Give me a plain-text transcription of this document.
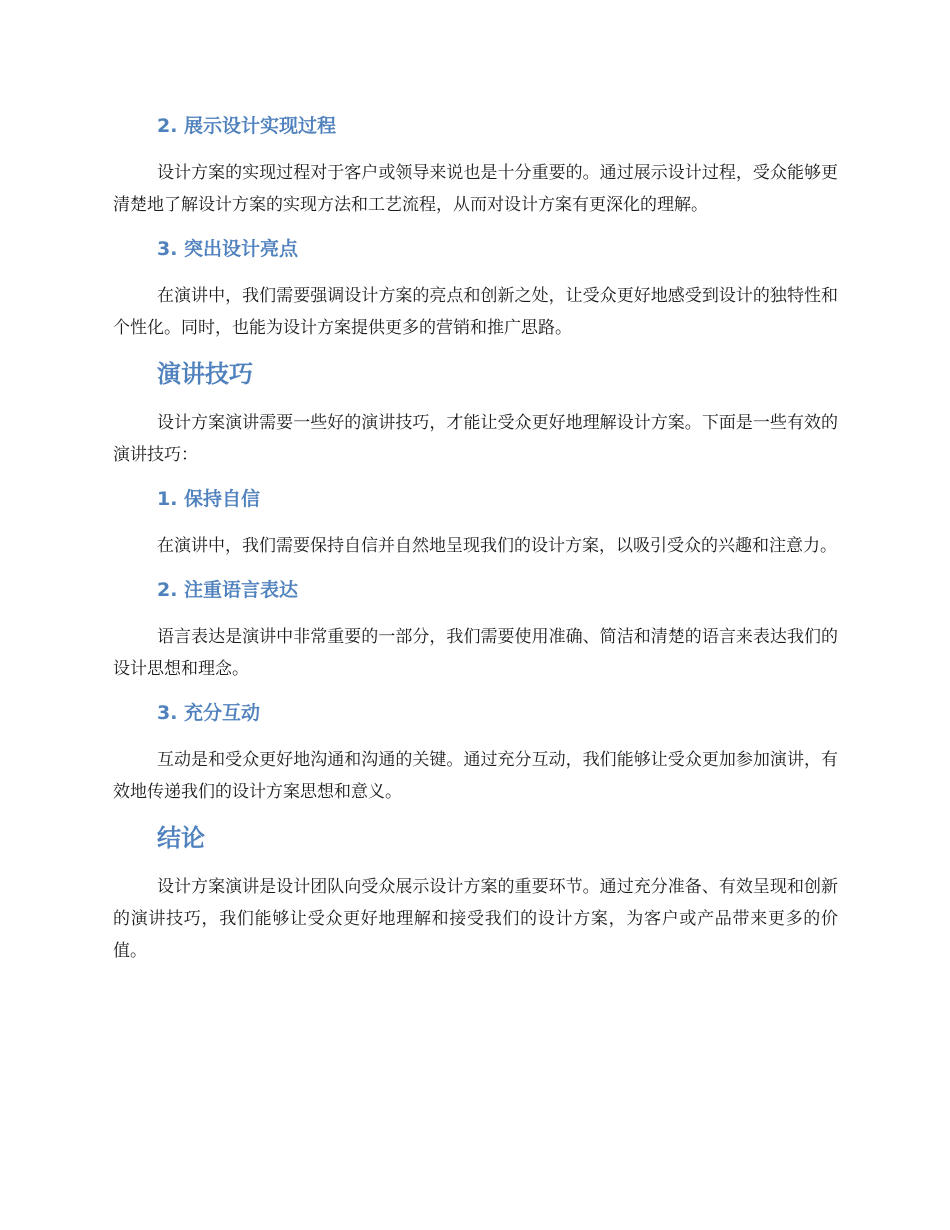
2. 展示设计实现过程

设计方案的实现过程对于客户或领导来说也是十分重要的。通过展示设计过程，受众能够更清楚地了解设计方案的实现方法和工艺流程，从而对设计方案有更深化的理解。

3. 突出设计亮点

在演讲中，我们需要强调设计方案的亮点和创新之处，让受众更好地感受到设计的独特性和个性化。同时，也能为设计方案提供更多的营销和推广思路。

演讲技巧

设计方案演讲需要一些好的演讲技巧，才能让受众更好地理解设计方案。下面是一些有效的演讲技巧：

1. 保持自信

在演讲中，我们需要保持自信并自然地呈现我们的设计方案，以吸引受众的兴趣和注意力。

2. 注重语言表达

语言表达是演讲中非常重要的一部分，我们需要使用准确、简洁和清楚的语言来表达我们的设计思想和理念。

3. 充分互动

互动是和受众更好地沟通和沟通的关键。通过充分互动，我们能够让受众更加参加演讲，有效地传递我们的设计方案思想和意义。

结论

设计方案演讲是设计团队向受众展示设计方案的重要环节。通过充分准备、有效呈现和创新的演讲技巧，我们能够让受众更好地理解和接受我们的设计方案，为客户或产品带来更多的价值。
